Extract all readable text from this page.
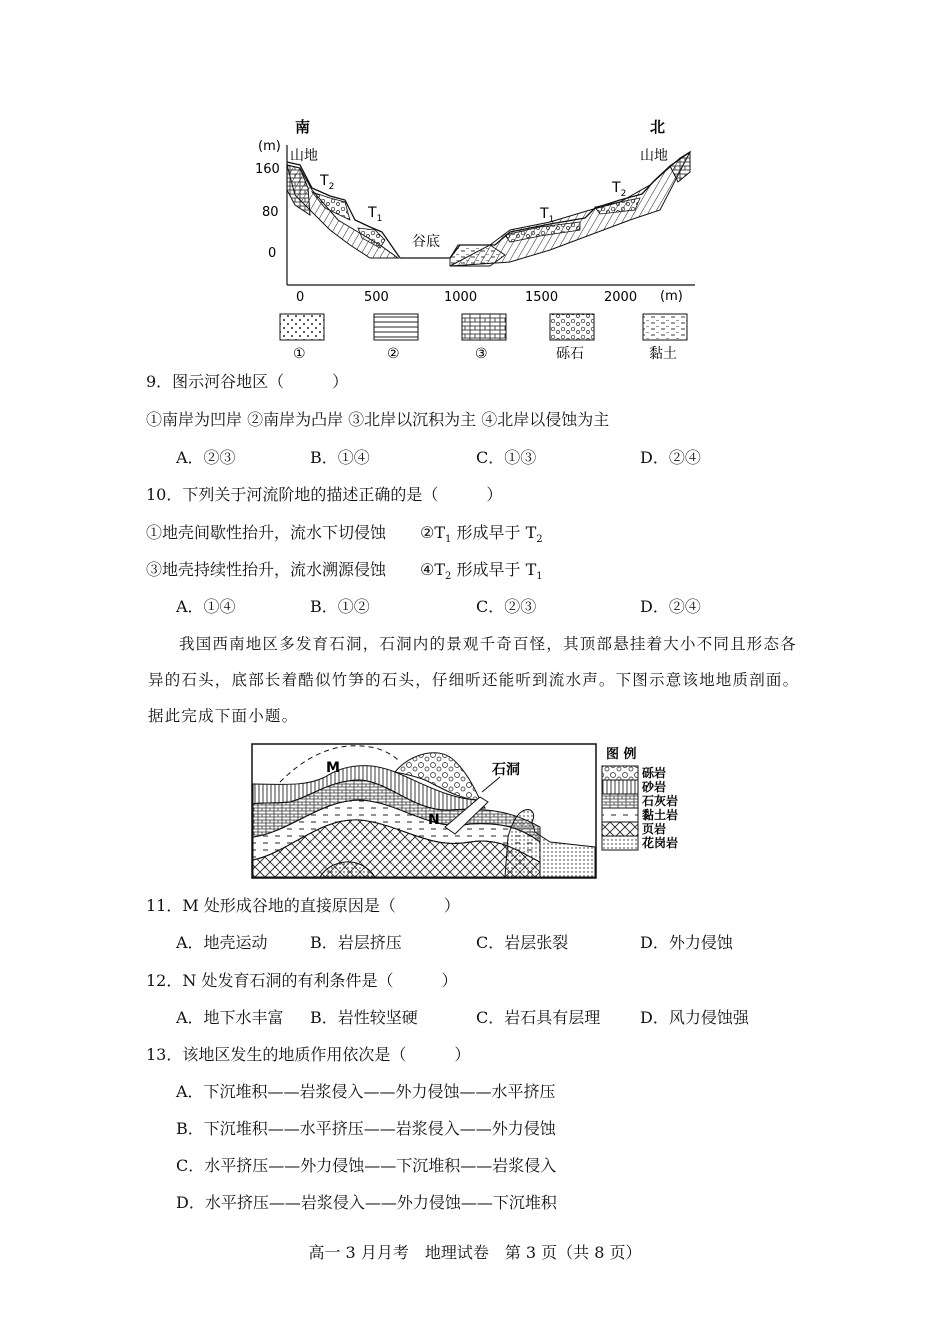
南	北
(m)
山地	山地
160
80
0
0	500	1000	1500	2000 (m)
$T_2$
$T_1$
谷底
$T_1$
$T_2$
①	②	③	砾石	黏土
9．图示河谷地区（　　　）
①南岸为凹岸 ②南岸为凸岸 ③北岸以沉积为主 ④北岸以侵蚀为主
A．②③	B．①④	C．①③	D．②④
10．下列关于河流阶地的描述正确的是（　　　）
①地壳间歇性抬升，流水下切侵蚀 $②T_1$ 形成早于 $T_2$
③地壳持续性抬升，流水溯源侵蚀 $④T_2$ 形成早于 $T_1$
A．①④	B．①②	C．②③	D．②④
我国西南地区多发育石洞，石洞内的景观千奇百怪，其顶部悬挂着大小不同且形态各异的石头，底部长着酷似竹笋的石头，仔细听还能听到流水声。下图示意该地地质剖面。据此完成下面小题。
M
N
石洞
图 例
砾岩
砂岩
石灰岩
黏土岩
页岩
花岗岩
11．M 处形成谷地的直接原因是（　　　）
A．地壳运动	B．岩层挤压	C．岩层张裂	D．外力侵蚀
12．N 处发育石洞的有利条件是（　　　）
A．地下水丰富 B．岩性较坚硬	C．岩石具有层理 D．风力侵蚀强
13．该地区发生的地质作用依次是（　　　）
A．下沉堆积——岩浆侵入——外力侵蚀——水平挤压
B．下沉堆积——水平挤压——岩浆侵入——外力侵蚀
C．水平挤压——外力侵蚀——下沉堆积——岩浆侵入
D．水平挤压——岩浆侵入——外力侵蚀——下沉堆积
高一 3 月月考　地理试卷　第 3 页（共 8 页）
